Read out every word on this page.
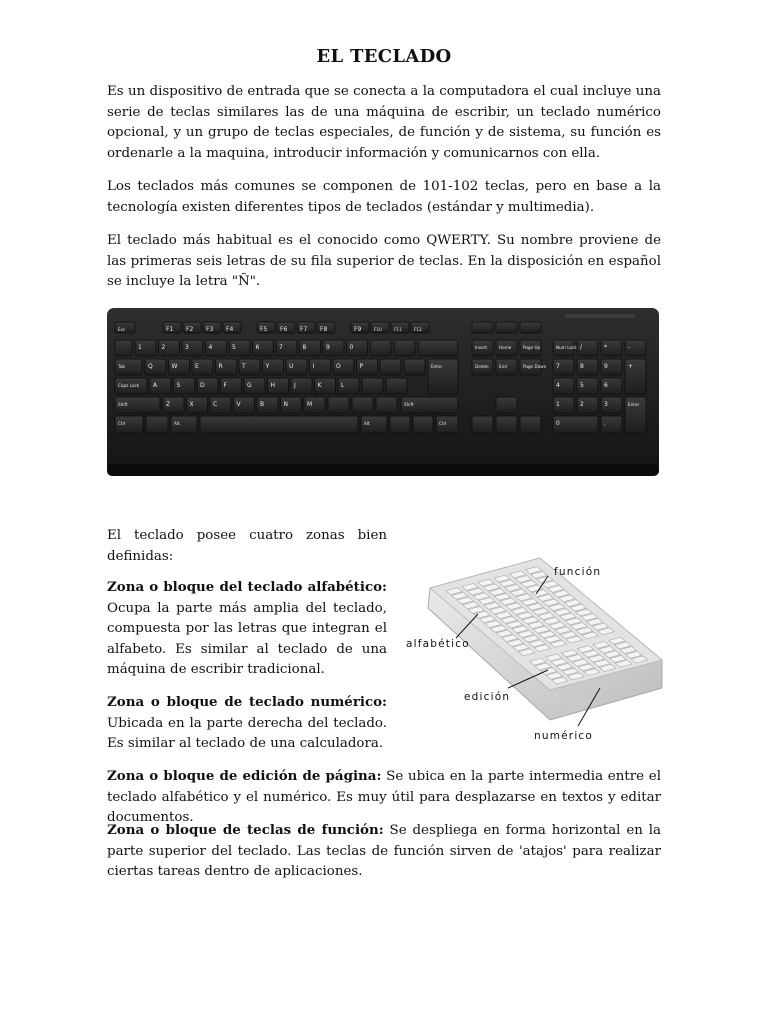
EL TECLADO

Es un dispositivo de entrada que se conecta a la computadora el cual incluye una serie de teclas similares las de una máquina de escribir, un teclado numérico opcional, y un grupo de teclas especiales, de función y de sistema, su función es ordenarle a la maquina, introducir información y comunicarnos con ella.

Los teclados más comunes se componen de 101-102 teclas, pero en base a la tecnología existen diferentes tipos de teclados (estándar y multimedia).

El teclado más habitual es el conocido como QWERTY. Su nombre proviene de las primeras seis letras de su fila superior de teclas. En la disposición en español se incluye la letra "Ñ".

Esc	F1 F2 F3 F4	F5 F6 F7 F8	F9	F10	F11	F12
1	2	3	4	5	6	7	8	9	0
Tab	Q	W	E	R	T	Y	U	I	O	P	Enter
Caps Lock A	S	D	F	G	H	J	K	L
Shift	Z	X	C	V	B	N	M	Shift
Ctrl	Alt	Alt	Ctrl
Insert
Delete
Home
End
Page Up
Page Down
Num Lock /	*	-
7	8	9	+
4	5	6
1	2	3	Enter
0	.

El teclado posee cuatro zonas bien definidas:

Zona o bloque del teclado alfabético: Ocupa la parte más amplia del teclado, compuesta por las letras que integran el alfabeto. Es similar al teclado de una máquina de escribir tradicional.

Zona o bloque de teclado numérico: Ubicada en la parte derecha del teclado. Es similar al teclado de una calculadora.

función
alfabético
edición
numérico

Zona o bloque de edición de página: Se ubica en la parte intermedia entre el teclado alfabético y el numérico. Es muy útil para desplazarse en textos y editar documentos.

Zona o bloque de teclas de función: Se despliega en forma horizontal en la parte superior del teclado. Las teclas de función sirven de 'atajos' para realizar ciertas tareas dentro de aplicaciones.
